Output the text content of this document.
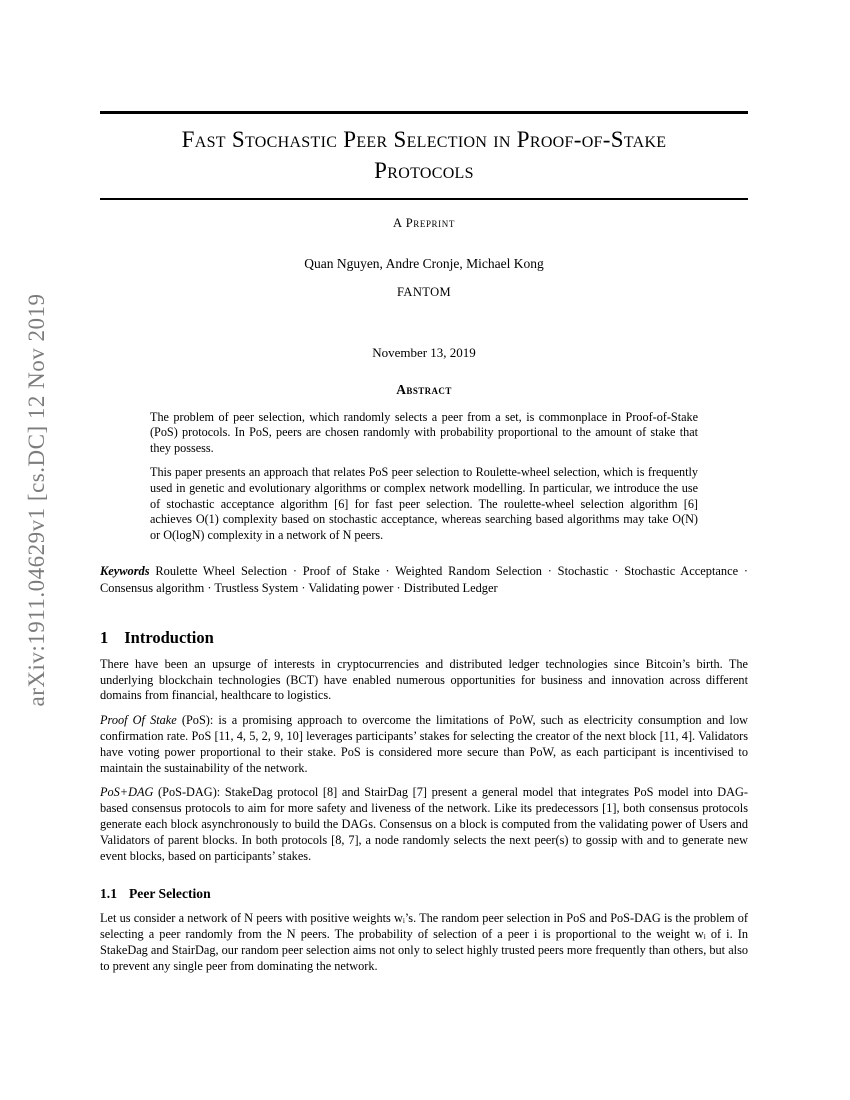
arXiv:1911.04629v1 [cs.DC] 12 Nov 2019
Fast Stochastic Peer Selection in Proof-of-Stake Protocols
A Preprint
Quan Nguyen, Andre Cronje, Michael Kong
FANTOM
November 13, 2019
Abstract

The problem of peer selection, which randomly selects a peer from a set, is commonplace in Proof-of-Stake (PoS) protocols. In PoS, peers are chosen randomly with probability proportional to the amount of stake that they possess.

This paper presents an approach that relates PoS peer selection to Roulette-wheel selection, which is frequently used in genetic and evolutionary algorithms or complex network modelling. In particular, we introduce the use of stochastic acceptance algorithm [6] for fast peer selection. The roulette-wheel selection algorithm [6] achieves O(1) complexity based on stochastic acceptance, whereas searching based algorithms may take O(N) or O(logN) complexity in a network of N peers.

Keywords Roulette Wheel Selection · Proof of Stake · Weighted Random Selection · Stochastic · Stochastic Acceptance · Consensus algorithm · Trustless System · Validating power · Distributed Ledger
1 Introduction

There have been an upsurge of interests in cryptocurrencies and distributed ledger technologies since Bitcoin’s birth. The underlying blockchain technologies (BCT) have enabled numerous opportunities for business and innovation across different domains from financial, healthcare to logistics.

Proof Of Stake (PoS): is a promising approach to overcome the limitations of PoW, such as electricity consumption and low confirmation rate. PoS [11, 4, 5, 2, 9, 10] leverages participants’ stakes for selecting the creator of the next block [11, 4]. Validators have voting power proportional to their stake. PoS is considered more secure than PoW, as each participant is incentivised to maintain the sustainability of the network.

PoS+DAG (PoS-DAG): StakeDag protocol [8] and StairDag [7] present a general model that integrates PoS model into DAG-based consensus protocols to aim for more safety and liveness of the network. Like its predecessors [1], both consensus protocols generate each block asynchronously to build the DAGs. Consensus on a block is computed from the validating power of Users and Validators of parent blocks. In both protocols [8, 7], a node randomly selects the next peer(s) to gossip with and to generate new event blocks, based on participants’ stakes.

1.1 Peer Selection

Let us consider a network of N peers with positive weights wᵢ’s. The random peer selection in PoS and PoS-DAG is the problem of selecting a peer randomly from the N peers. The probability of selection of a peer i is proportional to the weight wᵢ of i. In StakeDag and StairDag, our random peer selection aims not only to select highly trusted peers more frequently than others, but also to prevent any single peer from dominating the network.
